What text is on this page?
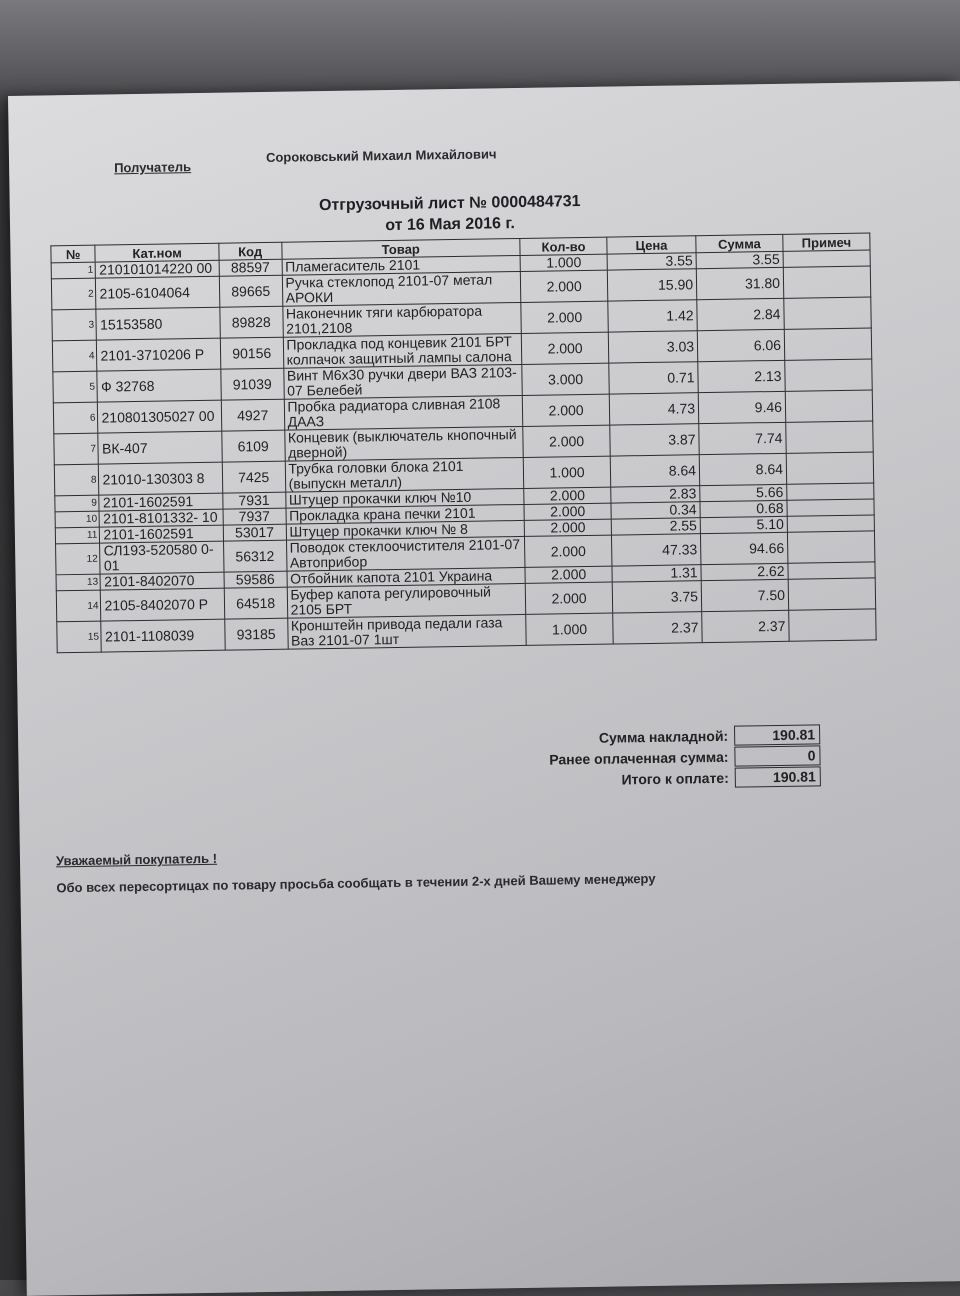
Получатель
Сороковський Михаил Михайлович
Отгрузочный лист № 0000484731
от 16 Мая 2016 г.
№	Кат.ном	Код	Товар	Кол-во	Цена	Сумма	Примеч
1	210101014220 00	88597	Пламегаситель 2101	1.000	3.55	3.55	
2	2105-6104064	89665	Ручка стеклопод 2101-07 метал АРОКИ	2.000	15.90	31.80	
3	15153580	89828	Наконечник тяги карбюратора 2101,2108	2.000	1.42	2.84	
4	2101-3710206 Р	90156	Прокладка под концевик 2101 БРТ колпачок защитный лампы салона	2.000	3.03	6.06	
5	Ф 32768	91039	Винт М6х30 ручки двери ВАЗ 2103-07 Белебей	3.000	0.71	2.13	
6	210801305027 00	4927	Пробка радиатора сливная 2108 ДААЗ	2.000	4.73	9.46	
7	ВК-407	6109	Концевик (выключатель кнопочный дверной)	2.000	3.87	7.74	
8	21010-130303 8	7425	Трубка головки блока 2101 (выпускн металл)	1.000	8.64	8.64	
9	2101-1602591	7931	Штуцер прокачки ключ №10	2.000	2.83	5.66	
10	2101-8101332- 10	7937	Прокладка крана печки 2101	2.000	0.34	0.68	
11	2101-1602591	53017	Штуцер прокачки ключ № 8	2.000	2.55	5.10	
12	СЛ193-520580 0-01	56312	Поводок стеклоочистителя 2101-07 Автоприбор	2.000	47.33	94.66	
13	2101-8402070	59586	Отбойник капота 2101 Украина	2.000	1.31	2.62	
14	2105-8402070 Р	64518	Буфер капота регулировочный 2105 БРТ	2.000	3.75	7.50	
15	2101-1108039	93185	Кронштейн привода педали газа Ваз 2101-07 1шт	1.000	2.37	2.37	
Сумма накладной:	190.81
Ранее оплаченная сумма:	0
Итого к оплате:	190.81
Уважаемый покупатель !
Обо всех пересортицах по товару просьба сообщать в течении 2-х дней Вашему менеджеру
